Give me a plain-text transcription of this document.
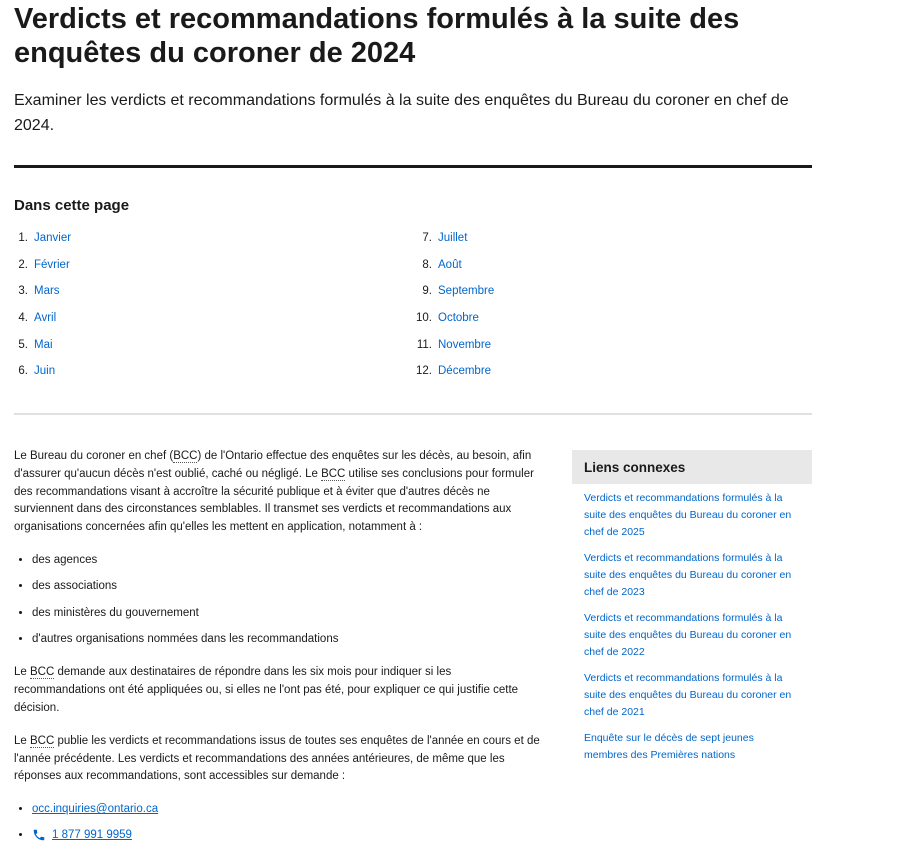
Verdicts et recommandations formulés à la suite des enquêtes du coroner de 2024

Examiner les verdicts et recommandations formulés à la suite des enquêtes du Bureau du coroner en chef de 2024.

Dans cette page
1. Janvier
2. Février
3. Mars
4. Avril
5. Mai
6. Juin
7. Juillet
8. Août
9. Septembre
10. Octobre
11. Novembre
12. Décembre

Le Bureau du coroner en chef (BCC) de l'Ontario effectue des enquêtes sur les décès, au besoin, afin d'assurer qu'aucun décès n'est oublié, caché ou négligé. Le BCC utilise ses conclusions pour formuler des recommandations visant à accroître la sécurité publique et à éviter que d'autres décès ne surviennent dans des circonstances semblables. Il transmet ses verdicts et recommandations aux organisations concernées afin qu'elles les mettent en application, notamment à :

• des agences
• des associations
• des ministères du gouvernement
• d'autres organisations nommées dans les recommandations

Le BCC demande aux destinataires de répondre dans les six mois pour indiquer si les recommandations ont été appliquées ou, si elles ne l'ont pas été, pour expliquer ce qui justifie cette décision.

Le BCC publie les verdicts et recommandations issus de toutes ses enquêtes de l'année en cours et de l'année précédente. Les verdicts et recommandations des années antérieures, de même que les réponses aux recommandations, sont accessibles sur demande :

• occ.inquiries@ontario.ca
• 1 877 991 9959
Liens connexes
Verdicts et recommandations formulés à la suite des enquêtes du Bureau du coroner en chef de 2025
Verdicts et recommandations formulés à la suite des enquêtes du Bureau du coroner en chef de 2023
Verdicts et recommandations formulés à la suite des enquêtes du Bureau du coroner en chef de 2022
Verdicts et recommandations formulés à la suite des enquêtes du Bureau du coroner en chef de 2021
Enquête sur le décès de sept jeunes membres des Premières nations
